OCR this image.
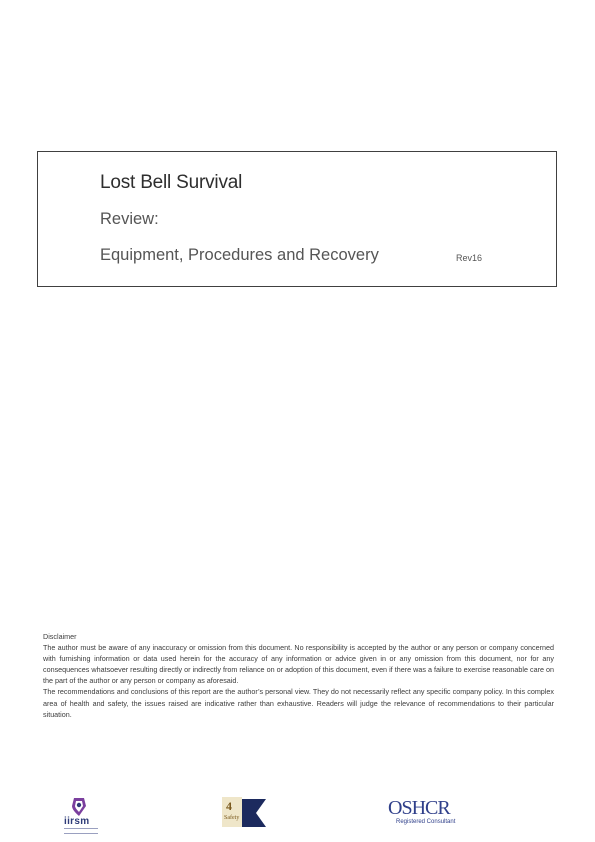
Lost Bell Survival
Review:
Equipment, Procedures and Recovery	Rev16

Disclaimer

The author must be aware of any inaccuracy or omission from this document. No responsibility is accepted by the author or any person or company concerned with furnishing information or data used herein for the accuracy of any information or advice given in or any omission from this document, nor for any consequences whatsoever resulting directly or indirectly from reliance on or adoption of this document, even if there was a failure to exercise reasonable care on the part of the author or any person or company as aforesaid.

The recommendations and conclusions of this report are the author’s personal view. They do not necessarily reflect any specific company policy. In this complex area of health and safety, the issues raised are indicative rather than exhaustive. Readers will judge the relevance of recommendations to their particular situation.

iirsm
4
Safety	OSHCR
Registered Consultant
